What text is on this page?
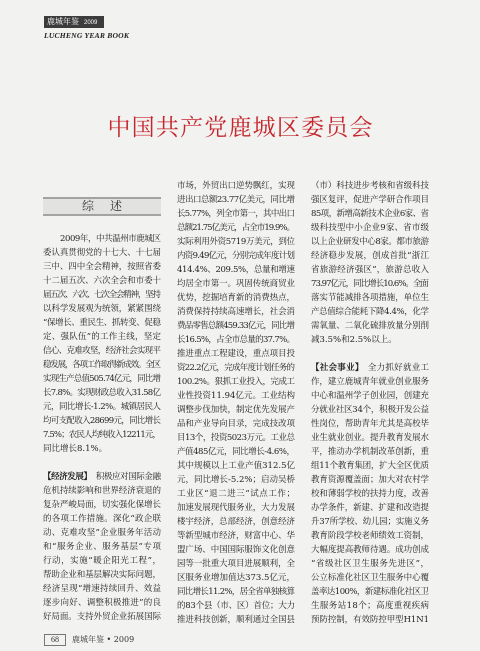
鹿城年鉴 2009
LUCHENG YEAR BOOK
中国共产党鹿城区委员会
综　述
2009年，中共温州市鹿城区
委认真贯彻党的十七大、十七届
三中、四中全会精神，按照省委
十二届五次、六次全会和市委十
届五次、六次、七次全会精神，坚持
以科学发展观为统领，紧紧围绕
“保增长、重民生、抓转变、促稳
定、强队伍”的工作主线，坚定
信心、克难攻坚，经济社会实现平
稳发展，各项工作取得新成效。全区
实现生产总值505.74亿元，同比增
长7.8%。实现财政总收入31.58亿
元，同比增长-1.2%。城镇居民人
均可支配收入28699元，同比增长
7.5%；农民人均纯收入12211元，
同比增长8.1%。
【经济发展】 积极应对国际金融
危机持续影响和世界经济衰退的
复杂严峻局面，切实强化保增长
的各项工作措施。深化“政企联
动、克难攻坚”企业服务年活动
和“服务企业、服务基层”专项
行动，实施“暖企阳光工程”，
帮助企业和基层解决实际问题，
经济呈现“增速持续回升、效益
逐步向好、调整积极推进”的良
好局面。支持外贸企业拓展国际
市场，外贸出口逆势飘红，实现
进出口总额23.77亿美元，同比增
长5.77%，列全市第一，其中出口
总额21.75亿美元，占全市19.9%。
实际利用外资5719万美元，到位
内资9.49亿元，分别完成年度计划
414.4%、209.5%，总量和增速
均居全市第一。巩固传统商贸业
优势，挖掘培育新的消费热点，
消费保持持续高速增长，社会消
费品零售总额459.33亿元，同比增
长16.5%，占全市总量的37.7%。
推进重点工程建设，重点项目投
资22.2亿元，完成年度计划任务的
100.2%。狠抓工业投入，完成工
业性投资11.94亿元。工业结构
调整步伐加快，制定优先发展产
品和产业导向目录，完成技改项
目13个，投资5023万元。工业总
产值485亿元，同比增长-4.6%，
其中规模以上工业产值312.5亿
元，同比增长-5.2%；启动吴桥
工业区“退二进三”试点工作；
加速发展现代服务业，大力发展
楼宇经济，总部经济，创意经济
等新型城市经济，财富中心、华
盟广场、中国国际服饰文化创意
园等一批重大项目进展顺利，全
区服务业增加值达373.5亿元，
同比增长11.2%，居全省单独核算
的83个县（市、区）首位；大力
推进科技创新，顺利通过全国县
（市）科技进步考核和省级科技
强区复评，促进产学研合作项目
85项，新增高新技术企业6家、省
级科技型中小企业9家、省市级
以上企业研发中心8家。都市旅游
经济稳步发展，创成首批“浙江
省旅游经济强区”，旅游总收入
73.97亿元，同比增长10.6%。全面
落实节能减排各项措施，单位生
产总值综合能耗下降4.4%，化学
需氧量、二氧化硫排放量分别削
减3.5%和2.5%以上。
【社会事业】 全力抓好就业工
作，建立鹿城青年就业创业服务
中心和温州学子创业园，创建充
分就业社区34个，积极开发公益
性岗位，帮助青年尤其是高校毕
业生就业创业。提升教育发展水
平，推动办学机制改革创新，重
组11个教育集团，扩大全区优质
教育资源覆盖面；加大对农村学
校和薄弱学校的扶持力度，改善
办学条件，新建、扩建和改造提
升37所学校、幼儿园；实施义务
教育阶段学校老师绩效工资制，
大幅度提高教师待遇。成功创成
“省级社区卫生服务先进区”，
公立标准化社区卫生服务中心覆
盖率达100%，新建标准化社区卫
生服务站18个；高度重视疾病
预防控制，有效防控甲型H1N1
68 鹿城年鉴 • 2009
